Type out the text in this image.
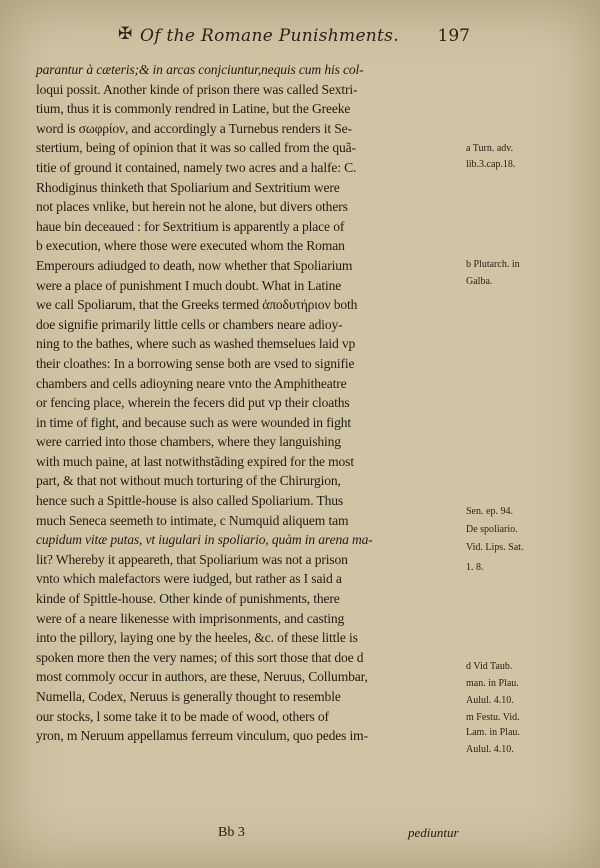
✠ Of the Romane Punishments. 197
parantur à cæteris;& in arcas conjciuntur,nequis cum his col-
loqui possit. Another kinde of prison there was called Sextri-
tium, thus it is commonly rendred in Latine, but the Greeke
word is σωφρίον, and accordingly a Turnebus renders it Se-
stertium, being of opinion that it was so called from the quã-
titie of ground it contained, namely two acres and a halfe: C.
Rhodiginus thinketh that Spoliarium and Sextritium were
not places vnlike, but herein not he alone, but divers others
haue bin deceaued : for Sextritium is apparently a place of
b execution, where those were executed whom the Roman
Emperours adiudged to death, now whether that Spoliarium
were a place of punishment I much doubt. What in Latine
we call Spoliarum, that the Greeks termed ἀποδυτήριον both
doe signifie primarily little cells or chambers neare adioy-
ning to the bathes, where such as washed themselues laid vp
their cloathes: In a borrowing sense both are vsed to signifie
chambers and cells adioyning neare vnto the Amphitheatre
or fencing place, wherein the fecers did put vp their cloaths
in time of fight, and because such as were wounded in fight
were carried into those chambers, where they languishing
with much paine, at last notwithstãding expired for the most
part, & that not without much torturing of the Chirurgion,
hence such a Spittle-house is also called Spoliarium. Thus
much Seneca seemeth to intimate, c Numquid aliquem tam
cupidum vitæ putas, vt iugulari in spoliario, quàm in arena ma-
lit? Whereby it appeareth, that Spoliarium was not a prison
vnto which malefactors were iudged, but rather as I said a
kinde of Spittle-house. Other kinde of punishments, there
were of a neare likenesse with imprisonments, and casting
into the pillory, laying one by the heeles, &c. of these little is
spoken more then the very names; of this sort those that doe d
most commoly occur in authors, are these, Neruus, Collumbar,
Numella, Codex, Neruus is generally thought to resemble
our stocks, l some take it to be made of wood, others of
yron, m Neruum appellamus ferreum vinculum, quo pedes im-
a Turn. adv.
lib.3.cap.18.
b Plutarch. in
Galba.
Sen. ep. 94.
De spoliario.
Vid. Lips. Sat.
1. 8.
d Vid Taub.
man. in Plau.
Aulul. 4.10.
m Festu. Vid.
Lam. in Plau.
Aulul. 4.10.
Bb 3	pediuntur
